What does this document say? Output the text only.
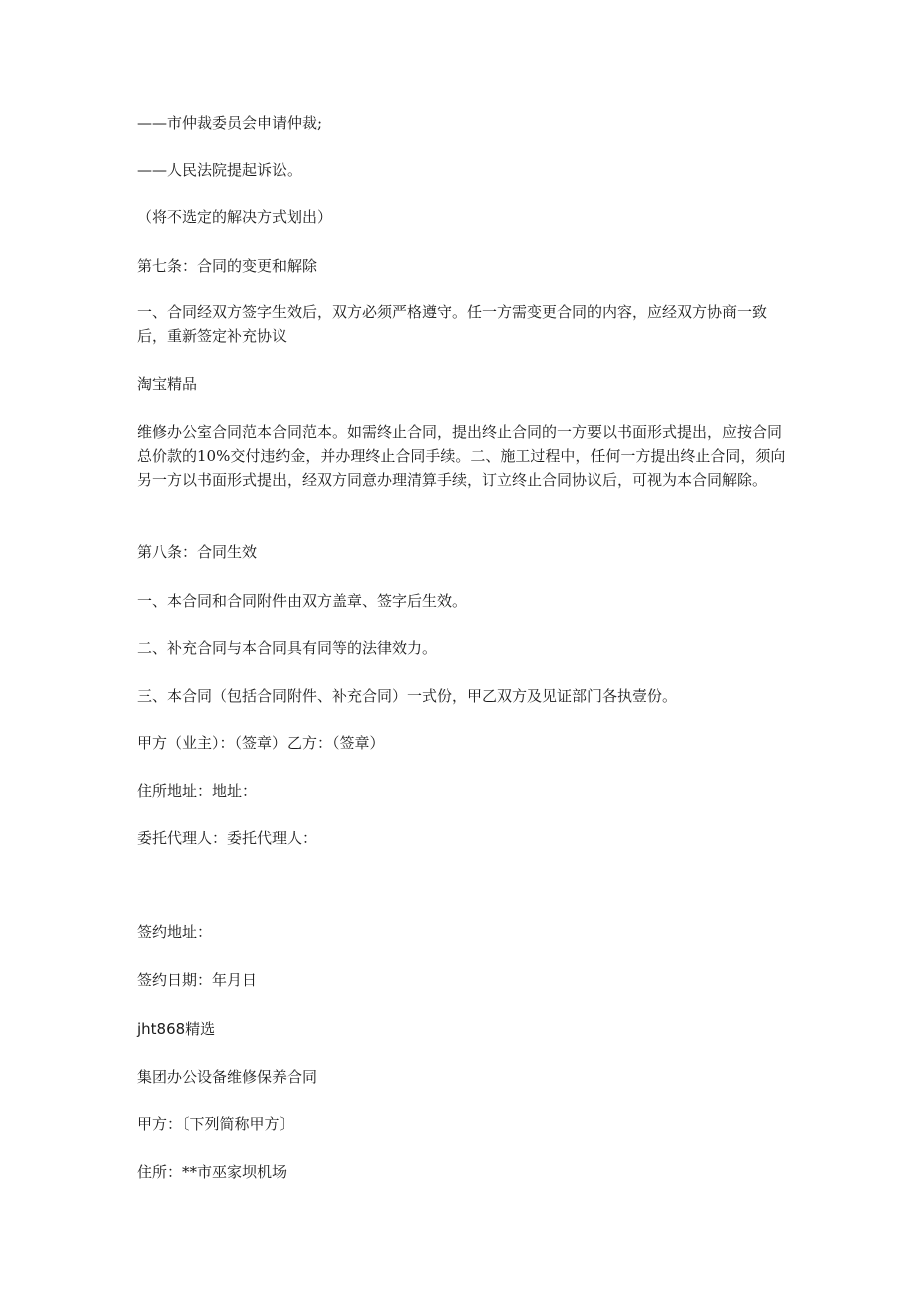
——市仲裁委员会申请仲裁;

——人民法院提起诉讼。

（将不选定的解决方式划出）

第七条：合同的变更和解除

一、合同经双方签字生效后，双方必须严格遵守。任一方需变更合同的内容，应经双方协商一致后，重新签定补充协议

淘宝精品

维修办公室合同范本合同范本。如需终止合同，提出终止合同的一方要以书面形式提出，应按合同总价款的10%交付违约金，并办理终止合同手续。二、施工过程中，任何一方提出终止合同，须向另一方以书面形式提出，经双方同意办理清算手续，订立终止合同协议后，可视为本合同解除。

第八条：合同生效

一、本合同和合同附件由双方盖章、签字后生效。

二、补充合同与本合同具有同等的法律效力。

三、本合同（包括合同附件、补充合同）一式份，甲乙双方及见证部门各执壹份。

甲方（业主）：（签章）乙方：（签章）

住所地址：地址：

委托代理人：委托代理人：

签约地址：

签约日期：年月日

jht868精选

集团办公设备维修保养合同

甲方：〔下列简称甲方〕

住所：**市巫家坝机场
